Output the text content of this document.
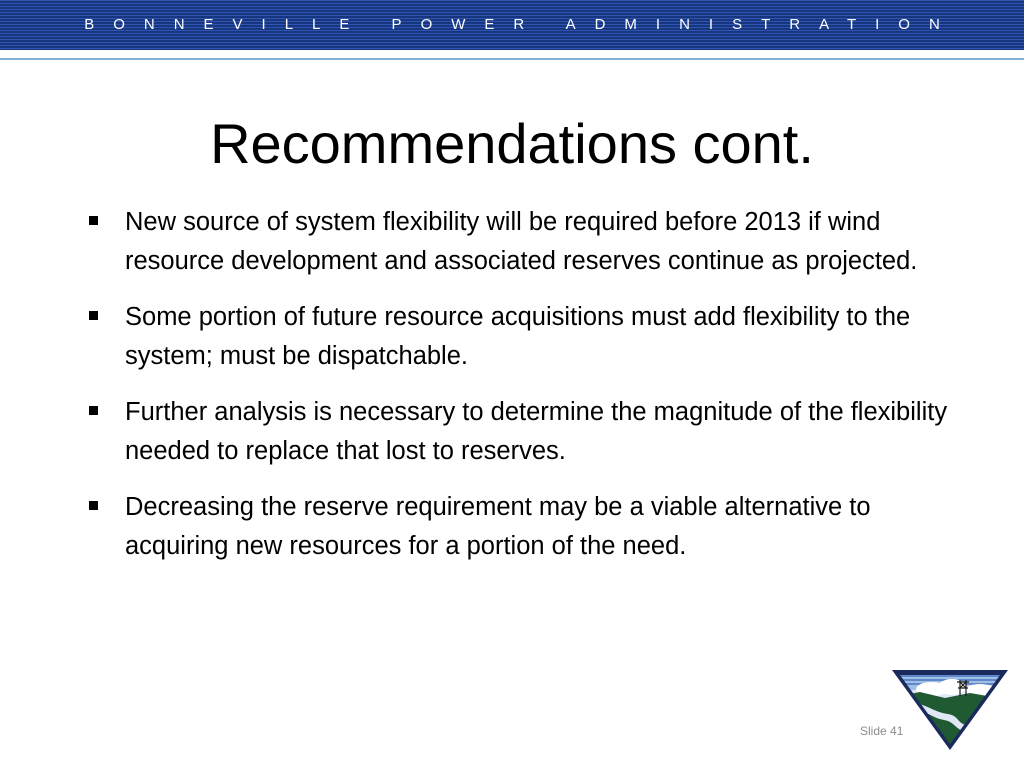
BONNEVILLE POWER ADMINISTRATION
Recommendations cont.
New source of system flexibility will be required before 2013 if wind resource development and associated reserves continue as projected.
Some portion of future resource acquisitions must add flexibility to the system; must be dispatchable.
Further analysis is necessary to determine the magnitude of the flexibility needed to replace that lost to reserves.
Decreasing the reserve requirement may be a viable alternative to acquiring new resources for a portion of the need.
Slide 41
